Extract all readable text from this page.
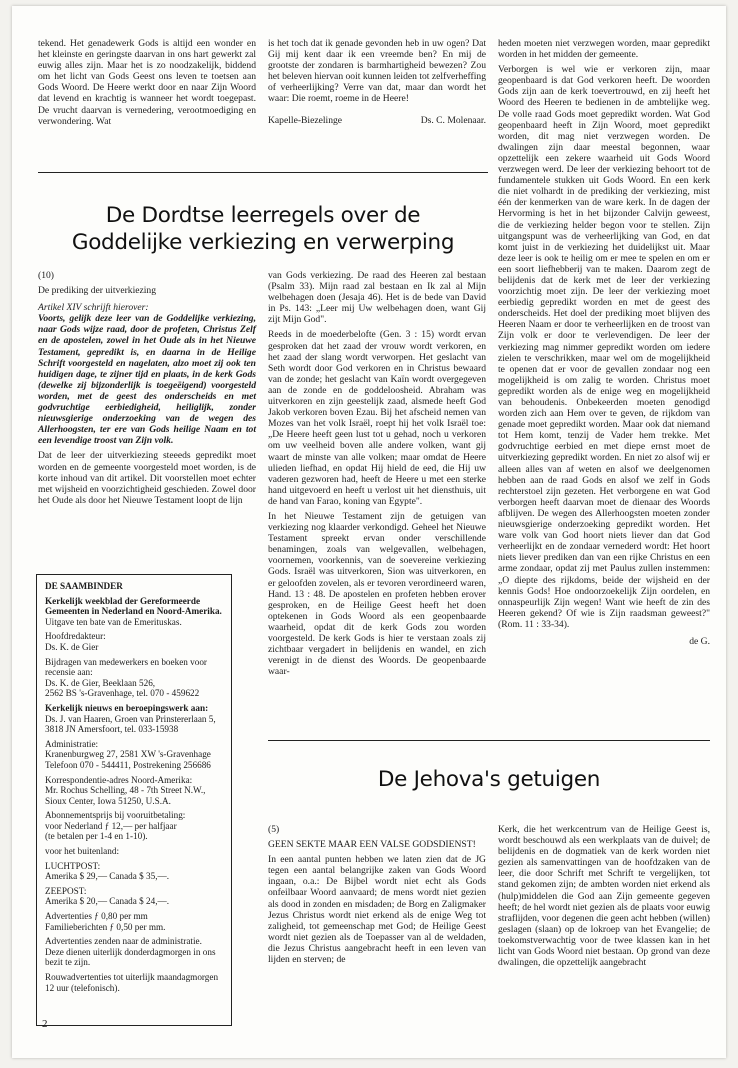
tekend. Het genadewerk Gods is altijd een wonder en het kleinste en geringste daarvan in ons hart gewerkt zal euwig alles zijn. Maar het is zo noodzakelijk, biddend om het licht van Gods Geest ons leven te toetsen aan Gods Woord. De Heere werkt door en naar Zijn Woord dat levend en krachtig is wanneer het wordt toegepast. De vrucht daarvan is vernedering, verootmoediging en verwondering. Wat

is het toch dat ik genade gevonden heb in uw ogen? Dat Gij mij kent daar ik een vreemde ben? En mij de grootste der zondaren is barmhartigheid bewezen? Zou het beleven hiervan ooit kunnen leiden tot zelfverheffing of verheerlijking? Verre van dat, maar dan wordt het waar: Die roemt, roeme in de Heere!

Kapelle-Biezelinge	Ds. C. Molenaar.
De Dordtse leerregels over de
Goddelijke verkiezing en verwerping

(10)

De prediking der uitverkiezing

Artikel XIV schrijft hierover:

Voorts, gelijk deze leer van de Goddelijke verkiezing, naar Gods wijze raad, door de profeten, Christus Zelf en de apostelen, zowel in het Oude als in het Nieuwe Testament, gepredikt is, en daarna in de Heilige Schrift voorgesteld en nagelaten, alzo moet zij ook ten huidigen dage, te zijner tijd en plaats, in de kerk Gods (dewelke zij bijzonderlijk is toegeëigend) voorgesteld worden, met de geest des onderscheids en met godvruchtige eerbiedigheid, heiliglijk, zonder nieuwsgierige onderzoeking van de wegen des Allerhoogsten, ter ere van Gods heilige Naam en tot een levendige troost van Zijn volk.

Dat de leer der uitverkiezing steeeds gepredikt moet worden en de gemeente voorgesteld moet worden, is de korte inhoud van dit artikel. Dit voorstellen moet echter met wijsheid en voorzichtigheid geschieden. Zowel door het Oude als door het Nieuwe Testament loopt de lijn

van Gods verkiezing. De raad des Heeren zal bestaan (Psalm 33). Mijn raad zal bestaan en Ik zal al Mijn welbehagen doen (Jesaja 46). Het is de bede van David in Ps. 143: „Leer mij Uw welbehagen doen, want Gij zijt Mijn God".

Reeds in de moederbelofte (Gen. 3 : 15) wordt ervan gesproken dat het zaad der vrouw wordt verkoren, en het zaad der slang wordt verworpen. Het geslacht van Seth wordt door God verkoren en in Christus bewaard van de zonde; het geslacht van Kaïn wordt overgegeven aan de zonde en de goddeloosheid. Abraham was uitverkoren en zijn geestelijk zaad, alsmede heeft God Jakob verkoren boven Ezau. Bij het afscheid nemen van Mozes van het volk Israël, roept hij het volk Israël toe: „De Heere heeft geen lust tot u gehad, noch u verkoren om uw veelheid boven alle andere volken, want gij waart de minste van alle volken; maar omdat de Heere ulieden liefhad, en opdat Hij hield de eed, die Hij uw vaderen gezworen had, heeft de Heere u met een sterke hand uitgevoerd en heeft u verlost uit het diensthuis, uit de hand van Farao, koning van Egypte".

In het Nieuwe Testament zijn de getuigen van verkiezing nog klaarder verkondigd. Geheel het Nieuwe Testament spreekt ervan onder verschillende benamingen, zoals van welgevallen, welbehagen, voornemen, voorkennis, van de soevereine verkiezing Gods. Israël was uitverkoren, Sion was uitverkoren, en er geloofden zovelen, als er tevoren verordineerd waren, Hand. 13 : 48. De apostelen en profeten hebben erover gesproken, en de Heilige Geest heeft het doen optekenen in Gods Woord als een geopenbaarde waarheid, opdat dit de kerk Gods zou worden voorgesteld. De kerk Gods is hier te verstaan zoals zij zichtbaar vergadert in belijdenis en wandel, en zich verenigt in de dienst des Woords. De geopenbaarde waar-

heden moeten niet verzwegen worden, maar gepredikt worden in het midden der gemeente.

Verborgen is wel wie er verkoren zijn, maar geopenbaard is dat God verkoren heeft. De woorden Gods zijn aan de kerk toevertrouwd, en zij heeft het Woord des Heeren te bedienen in de ambtelijke weg. De volle raad Gods moet gepredikt worden. Wat God geopenbaard heeft in Zijn Woord, moet gepredikt worden, dit mag niet verzwegen worden. De dwalingen zijn daar meestal begonnen, waar opzettelijk een zekere waarheid uit Gods Woord verzwegen werd. De leer der verkiezing behoort tot de fundamentele stukken uit Gods Woord. En een kerk die niet volhardt in de prediking der verkiezing, mist één der kenmerken van de ware kerk. In de dagen der Hervorming is het in het bijzonder Calvijn geweest, die de verkiezing helder begon voor te stellen. Zijn uitgangspunt was de verheerlijking van God, en dat komt juist in de verkiezing het duidelijkst uit. Maar deze leer is ook te heilig om er mee te spelen en om er een soort liefhebberij van te maken. Daarom zegt de belijdenis dat de kerk met de leer der verkiezing voorzichtig moet zijn. De leer der verkiezing moet eerbiedig gepredikt worden en met de geest des onderscheids. Het doel der prediking moet blijven des Heeren Naam er door te verheerlijken en de troost van Zijn volk er door te verlevendigen. De leer der verkiezing mag nimmer gepredikt worden om iedere zielen te verschrikken, maar wel om de mogelijkheid te openen dat er voor de gevallen zondaar nog een mogelijkheid is om zalig te worden. Christus moet gepredikt worden als de enige weg en mogelijkheid van behoudenis. Onbekeerden moeten genodigd worden zich aan Hem over te geven, de rijkdom van genade moet gepredikt worden. Maar ook dat niemand tot Hem komt, tenzij de Vader hem trekke. Met godvruchtige eerbied en met diepe ernst moet de uitverkiezing gepredikt worden. En niet zo alsof wij er alleen alles van af weten en alsof we deelgenomen hebben aan de raad Gods en alsof we zelf in Gods rechterstoel zijn gezeten. Het verborgene en wat God verborgen heeft daarvan moet de dienaar des Woords afblijven. De wegen des Allerhoogsten moeten zonder nieuwsgierige onderzoeking gepredikt worden. Het ware volk van God hoort niets liever dan dat God verheerlijkt en de zondaar vernederd wordt: Het hoort niets liever prediken dan van een rijke Christus en een arme zondaar, opdat zij met Paulus zullen instemmen: „O diepte des rijkdoms, beide der wijsheid en der kennis Gods! Hoe ondoorzoekelijk Zijn oordelen, en onnaspeurlijk Zijn wegen! Want wie heeft de zin des Heeren gekend? Of wie is Zijn raadsman geweest?" (Rom. 11 : 33-34).

de G.

DE SAAMBINDER
Kerkelijk weekblad der Gereformeerde Gemeenten in Nederland en Noord-Amerika.
Uitgave ten bate van de Emerituskas.
Hoofdredakteur:
Ds. K. de Gier
Bijdragen van medewerkers en boeken voor recensie aan:
Ds. K. de Gier, Beeklaan 526,
2562 BS 's-Gravenhage, tel. 070 - 459622
Kerkelijk nieuws en beroepingswerk aan:
Ds. J. van Haaren, Groen van Prinstererlaan 5, 3818 JN Amersfoort, tel. 033-15938
Administratie:
Kranenburgweg 27, 2581 XW 's-Gravenhage
Telefoon 070 - 544411, Postrekening 256686
Korrespondentie-adres Noord-Amerika:
Mr. Rochus Schelling, 48 - 7th Street N.W., Sioux Center, Iowa 51250, U.S.A.
Abonnementsprijs bij vooruitbetaling:
voor Nederland ƒ 12,— per halfjaar
(te betalen per 1-4 en 1-10).
voor het buitenland:
LUCHTPOST:
Amerika $ 29,— Canada $ 35,—.
ZEEPOST:
Amerika $ 20,— Canada $ 24,—.
Advertenties ƒ 0,80 per mm
Familieberichten ƒ 0,50 per mm.
Advertenties zenden naar de administratie. Deze dienen uiterlijk donderdagmorgen in ons bezit te zijn.
Rouwadvertenties tot uiterlijk maandagmorgen 12 uur (telefonisch).
De Jehova's getuigen

(5)

GEEN SEKTE MAAR EEN VALSE GODSDIENST!

In een aantal punten hebben we laten zien dat de JG tegen een aantal belangrijke zaken van Gods Woord ingaan, o.a.: De Bijbel wordt niet echt als Gods onfeilbaar Woord aanvaard; de mens wordt niet gezien als dood in zonden en misdaden; de Borg en Zaligmaker Jezus Christus wordt niet erkend als de enige Weg tot zaligheid, tot gemeenschap met God; de Heilige Geest wordt niet gezien als de Toepasser van al de weldaden, die Jezus Christus aangebracht heeft in een leven van lijden en sterven; de

Kerk, die het werkcentrum van de Heilige Geest is, wordt beschouwd als een werkplaats van de duivel; de belijdenis en de dogmatiek van de kerk worden niet gezien als samenvattingen van de hoofdzaken van de leer, die door Schrift met Schrift te vergelijken, tot stand gekomen zijn; de ambten worden niet erkend als (hulp)middelen die God aan Zijn gemeente gegeven heeft; de hel wordt niet gezien als de plaats voor euwig straflijden, voor degenen die geen acht hebben (willen) geslagen (slaan) op de lokroep van het Evangelie; de toekomstverwachtig voor de twee klassen kan in het licht van Gods Woord niet bestaan. Op grond van deze dwalingen, die opzettelijk aangebracht

2
